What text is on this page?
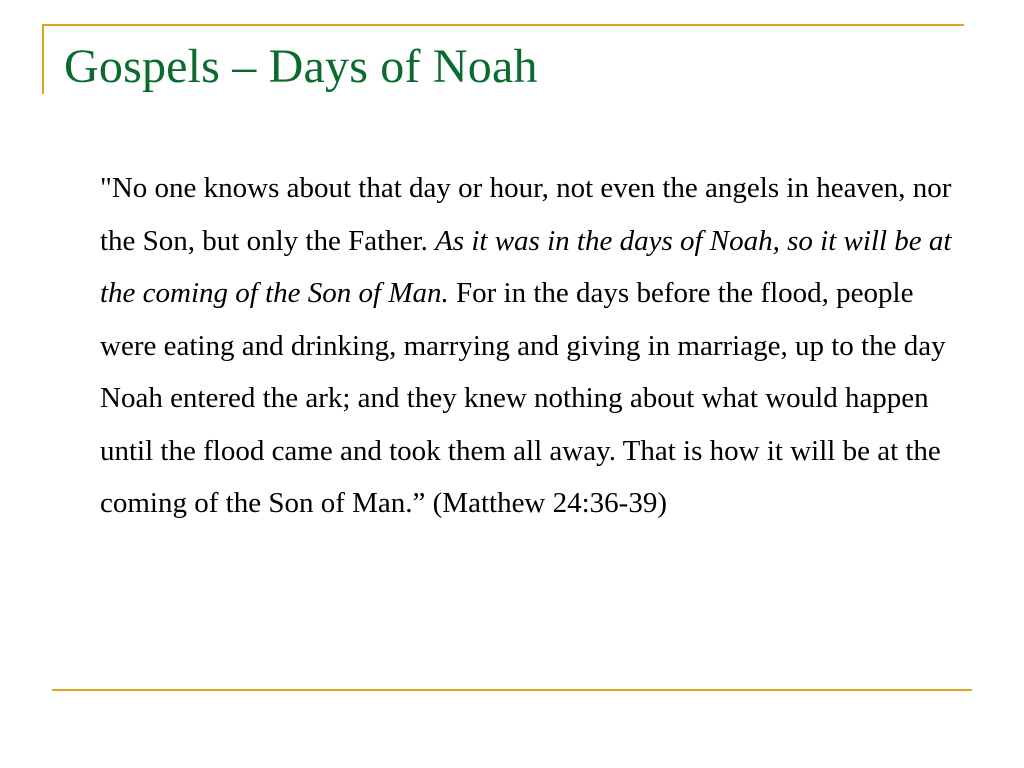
Gospels – Days of Noah

"No one knows about that day or hour, not even the angels in heaven, nor the Son, but only the Father. As it was in the days of Noah, so it will be at the coming of the Son of Man. For in the days before the flood, people were eating and drinking, marrying and giving in marriage, up to the day Noah entered the ark; and they knew nothing about what would happen until the flood came and took them all away. That is how it will be at the coming of the Son of Man.” (Matthew 24:36-39)
